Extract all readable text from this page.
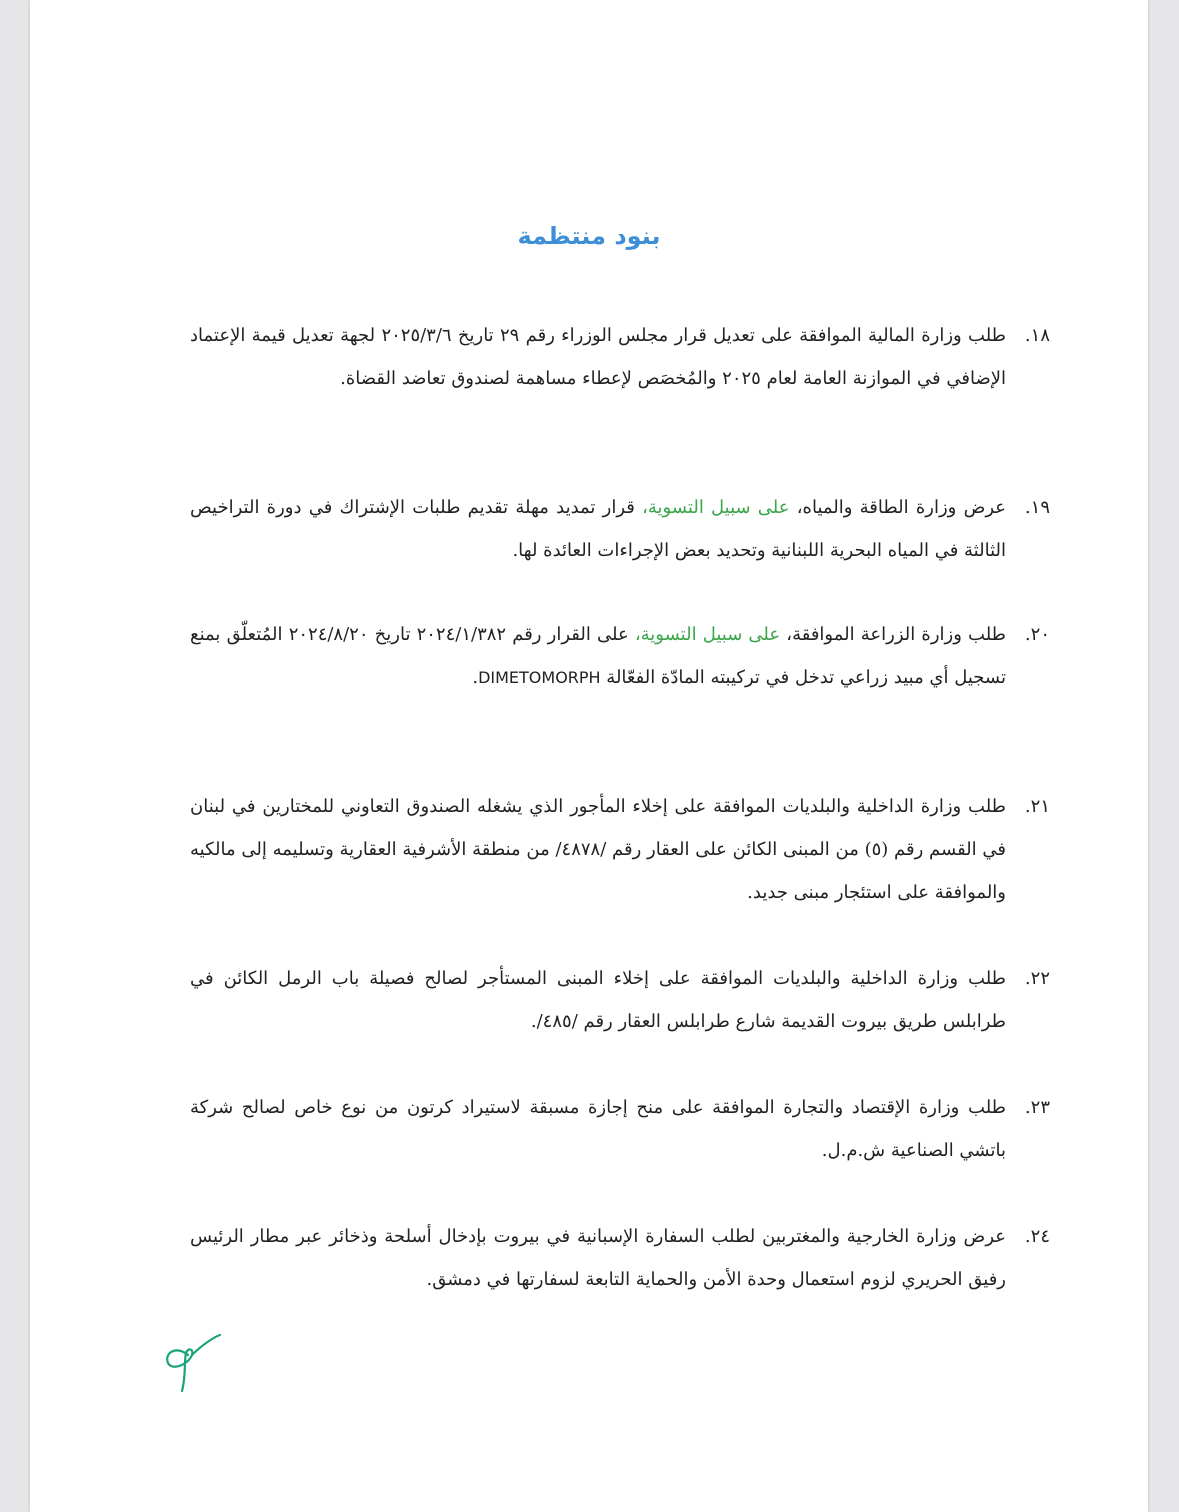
بنود منتظمة
١٨.
طلب وزارة المالية الموافقة على تعديل قرار مجلس الوزراء رقم ٢٩ تاريخ ٢٠٢٥/٣/٦ لجهة تعديل قيمة الإعتماد الإضافي في الموازنة العامة لعام ٢٠٢٥ والمُخصَص لإعطاء مساهمة لصندوق تعاضد القضاة.
١٩.
عرض وزارة الطاقة والمياه، على سبيل التسوية، قرار تمديد مهلة تقديم طلبات الإشتراك في دورة التراخيص الثالثة في المياه البحرية اللبنانية وتحديد بعض الإجراءات العائدة لها.
٢٠.
طلب وزارة الزراعة الموافقة، على سبيل التسوية، على القرار رقم ٢٠٢٤/١/٣٨٢ تاريخ ٢٠٢٤/٨/٢٠ المُتعلّق بمنع تسجيل أي مبيد زراعي تدخل في تركيبته المادّة الفعّالة DIMETOMORPH.
٢١.
طلب وزارة الداخلية والبلديات الموافقة على إخلاء المأجور الذي يشغله الصندوق التعاوني للمختارين في لبنان في القسم رقم (٥) من المبنى الكائن على العقار رقم /٤٨٧٨/ من منطقة الأشرفية العقارية وتسليمه إلى مالكيه والموافقة على استئجار مبنى جديد.
٢٢.
طلب وزارة الداخلية والبلديات الموافقة على إخلاء المبنى المستأجر لصالح فصيلة باب الرمل الكائن في طرابلس طريق بيروت القديمة شارع طرابلس العقار رقم /٤٨٥/.
٢٣.
طلب وزارة الإقتصاد والتجارة الموافقة على منح إجازة مسبقة لاستيراد كرتون من نوع خاص لصالح شركة باتشي الصناعية ش.م.ل.
٢٤.
عرض وزارة الخارجية والمغتربين لطلب السفارة الإسبانية في بيروت بإدخال أسلحة وذخائر عبر مطار الرئيس رفيق الحريري لزوم استعمال وحدة الأمن والحماية التابعة لسفارتها في دمشق.
